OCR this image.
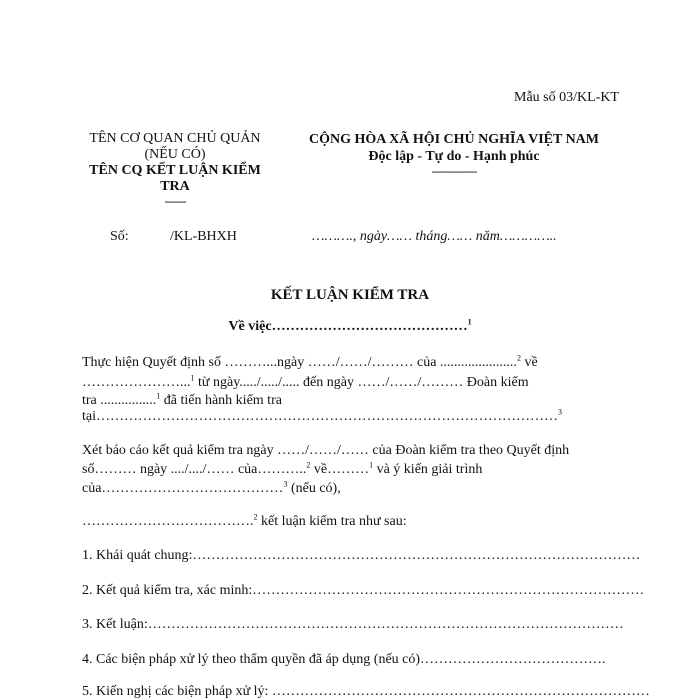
Mẫu số 03/KL-KT
TÊN CƠ QUAN CHỦ QUẢN
(NẾU CÓ)
TÊN CQ KẾT LUẬN KIỂM
TRA
-------
CỘNG HÒA XÃ HỘI CHỦ NGHĨA VIỆT NAM
Độc lập - Tự do - Hạnh phúc
---------------
Số:	/KL-BHXH	………., ngày…… tháng…… năm…………..
KẾT LUẬN KIỂM TRA
Về việc……………………………………$^1$
Thực hiện Quyết định số ………...ngày ……/……/……… của ......................$^2$ về
…………………...$^1$ từ ngày...../...../..... đến ngày ……/……/……… Đoàn kiểm
tra ................$^1$ đã tiến hành kiểm tra
tại………………………………………………………………………………………$^3$
Xét báo cáo kết quả kiểm tra ngày ……/……/…… của Đoàn kiểm tra theo Quyết định
số……… ngày ..../..../…… của………..$^2$ về………$^1$ và ý kiến giải trình
của…………………………………$^3$ (nếu có),
……………………………….$^2$ kết luận kiểm tra như sau:
1. Khái quát chung:……………………………………………………………………………………
2. Kết quả kiểm tra, xác minh:…………………………………………………………………………
3. Kết luận:…………………………………………………………………………………………
4. Các biện pháp xử lý theo thẩm quyền đã áp dụng (nếu có)………………………………….
5. Kiến nghị các biện pháp xử lý: ………………………………………………………………………
